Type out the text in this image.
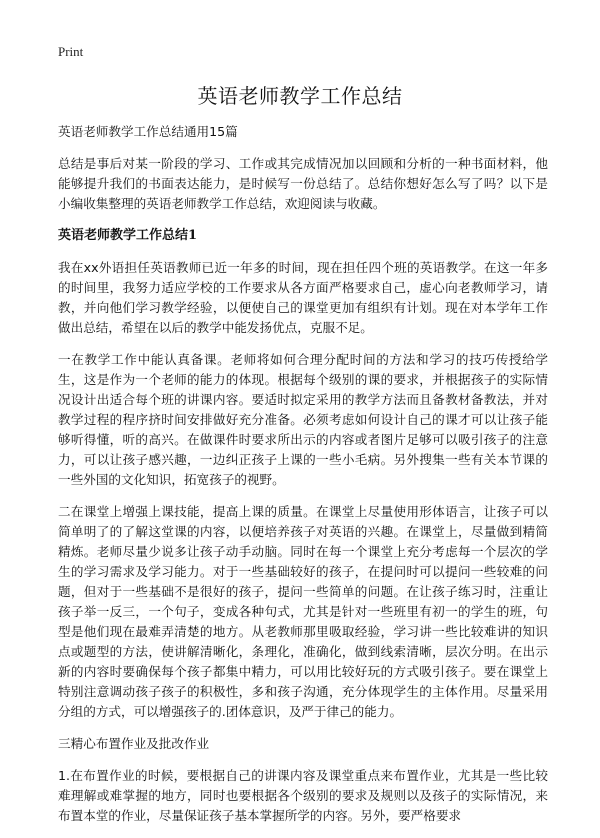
Print
英语老师教学工作总结

英语老师教学工作总结通用15篇

总结是事后对某一阶段的学习、工作或其完成情况加以回顾和分析的一种书面材料，他能够提升我们的书面表达能力，是时候写一份总结了。总结你想好怎么写了吗？以下是小编收集整理的英语老师教学工作总结，欢迎阅读与收藏。

英语老师教学工作总结1

我在xx外语担任英语教师已近一年多的时间，现在担任四个班的英语教学。在这一年多的时间里，我努力适应学校的工作要求从各方面严格要求自己，虚心向老教师学习，请教，并向他们学习教学经验，以便使自己的课堂更加有组织有计划。现在对本学年工作做出总结，希望在以后的教学中能发扬优点，克服不足。

一在教学工作中能认真备课。老师将如何合理分配时间的方法和学习的技巧传授给学生，这是作为一个老师的能力的体现。根据每个级别的课的要求，并根据孩子的实际情况设计出适合每个班的讲课内容。要适时拟定采用的教学方法而且备教材备教法，并对教学过程的程序挤时间安排做好充分准备。必须考虑如何设计自己的课才可以让孩子能够听得懂，听的高兴。在做课件时要求所出示的内容或者图片足够可以吸引孩子的注意力，可以让孩子感兴趣，一边纠正孩子上课的一些小毛病。另外搜集一些有关本节课的一些外国的文化知识，拓宽孩子的视野。

二在课堂上增强上课技能，提高上课的质量。在课堂上尽量使用形体语言，让孩子可以简单明了的了解这堂课的内容，以便培养孩子对英语的兴趣。在课堂上，尽量做到精简精炼。老师尽量少说多让孩子动手动脑。同时在每一个课堂上充分考虑每一个层次的学生的学习需求及学习能力。对于一些基础较好的孩子，在提问时可以提问一些较难的问题，但对于一些基础不是很好的孩子，提问一些简单的问题。在让孩子练习时，注重让孩子举一反三，一个句子，变成各种句式，尤其是针对一些班里有初一的学生的班，句型是他们现在最难弄清楚的地方。从老教师那里吸取经验，学习讲一些比较难讲的知识点或题型的方法，使讲解清晰化，条理化，准确化，做到线索清晰，层次分明。在出示新的内容时要确保每个孩子都集中精力，可以用比较好玩的方式吸引孩子。要在课堂上特别注意调动孩子孩子的积极性，多和孩子沟通，充分体现学生的主体作用。尽量采用分组的方式，可以增强孩子的.团体意识，及严于律己的能力。

三精心布置作业及批改作业

1.在布置作业的时候，要根据自己的讲课内容及课堂重点来布置作业，尤其是一些比较难理解或难掌握的地方，同时也要根据各个级别的要求及规则以及孩子的实际情况，来布置本堂的作业，尽量保证孩子基本掌握所学的内容。另外，要严格要求
